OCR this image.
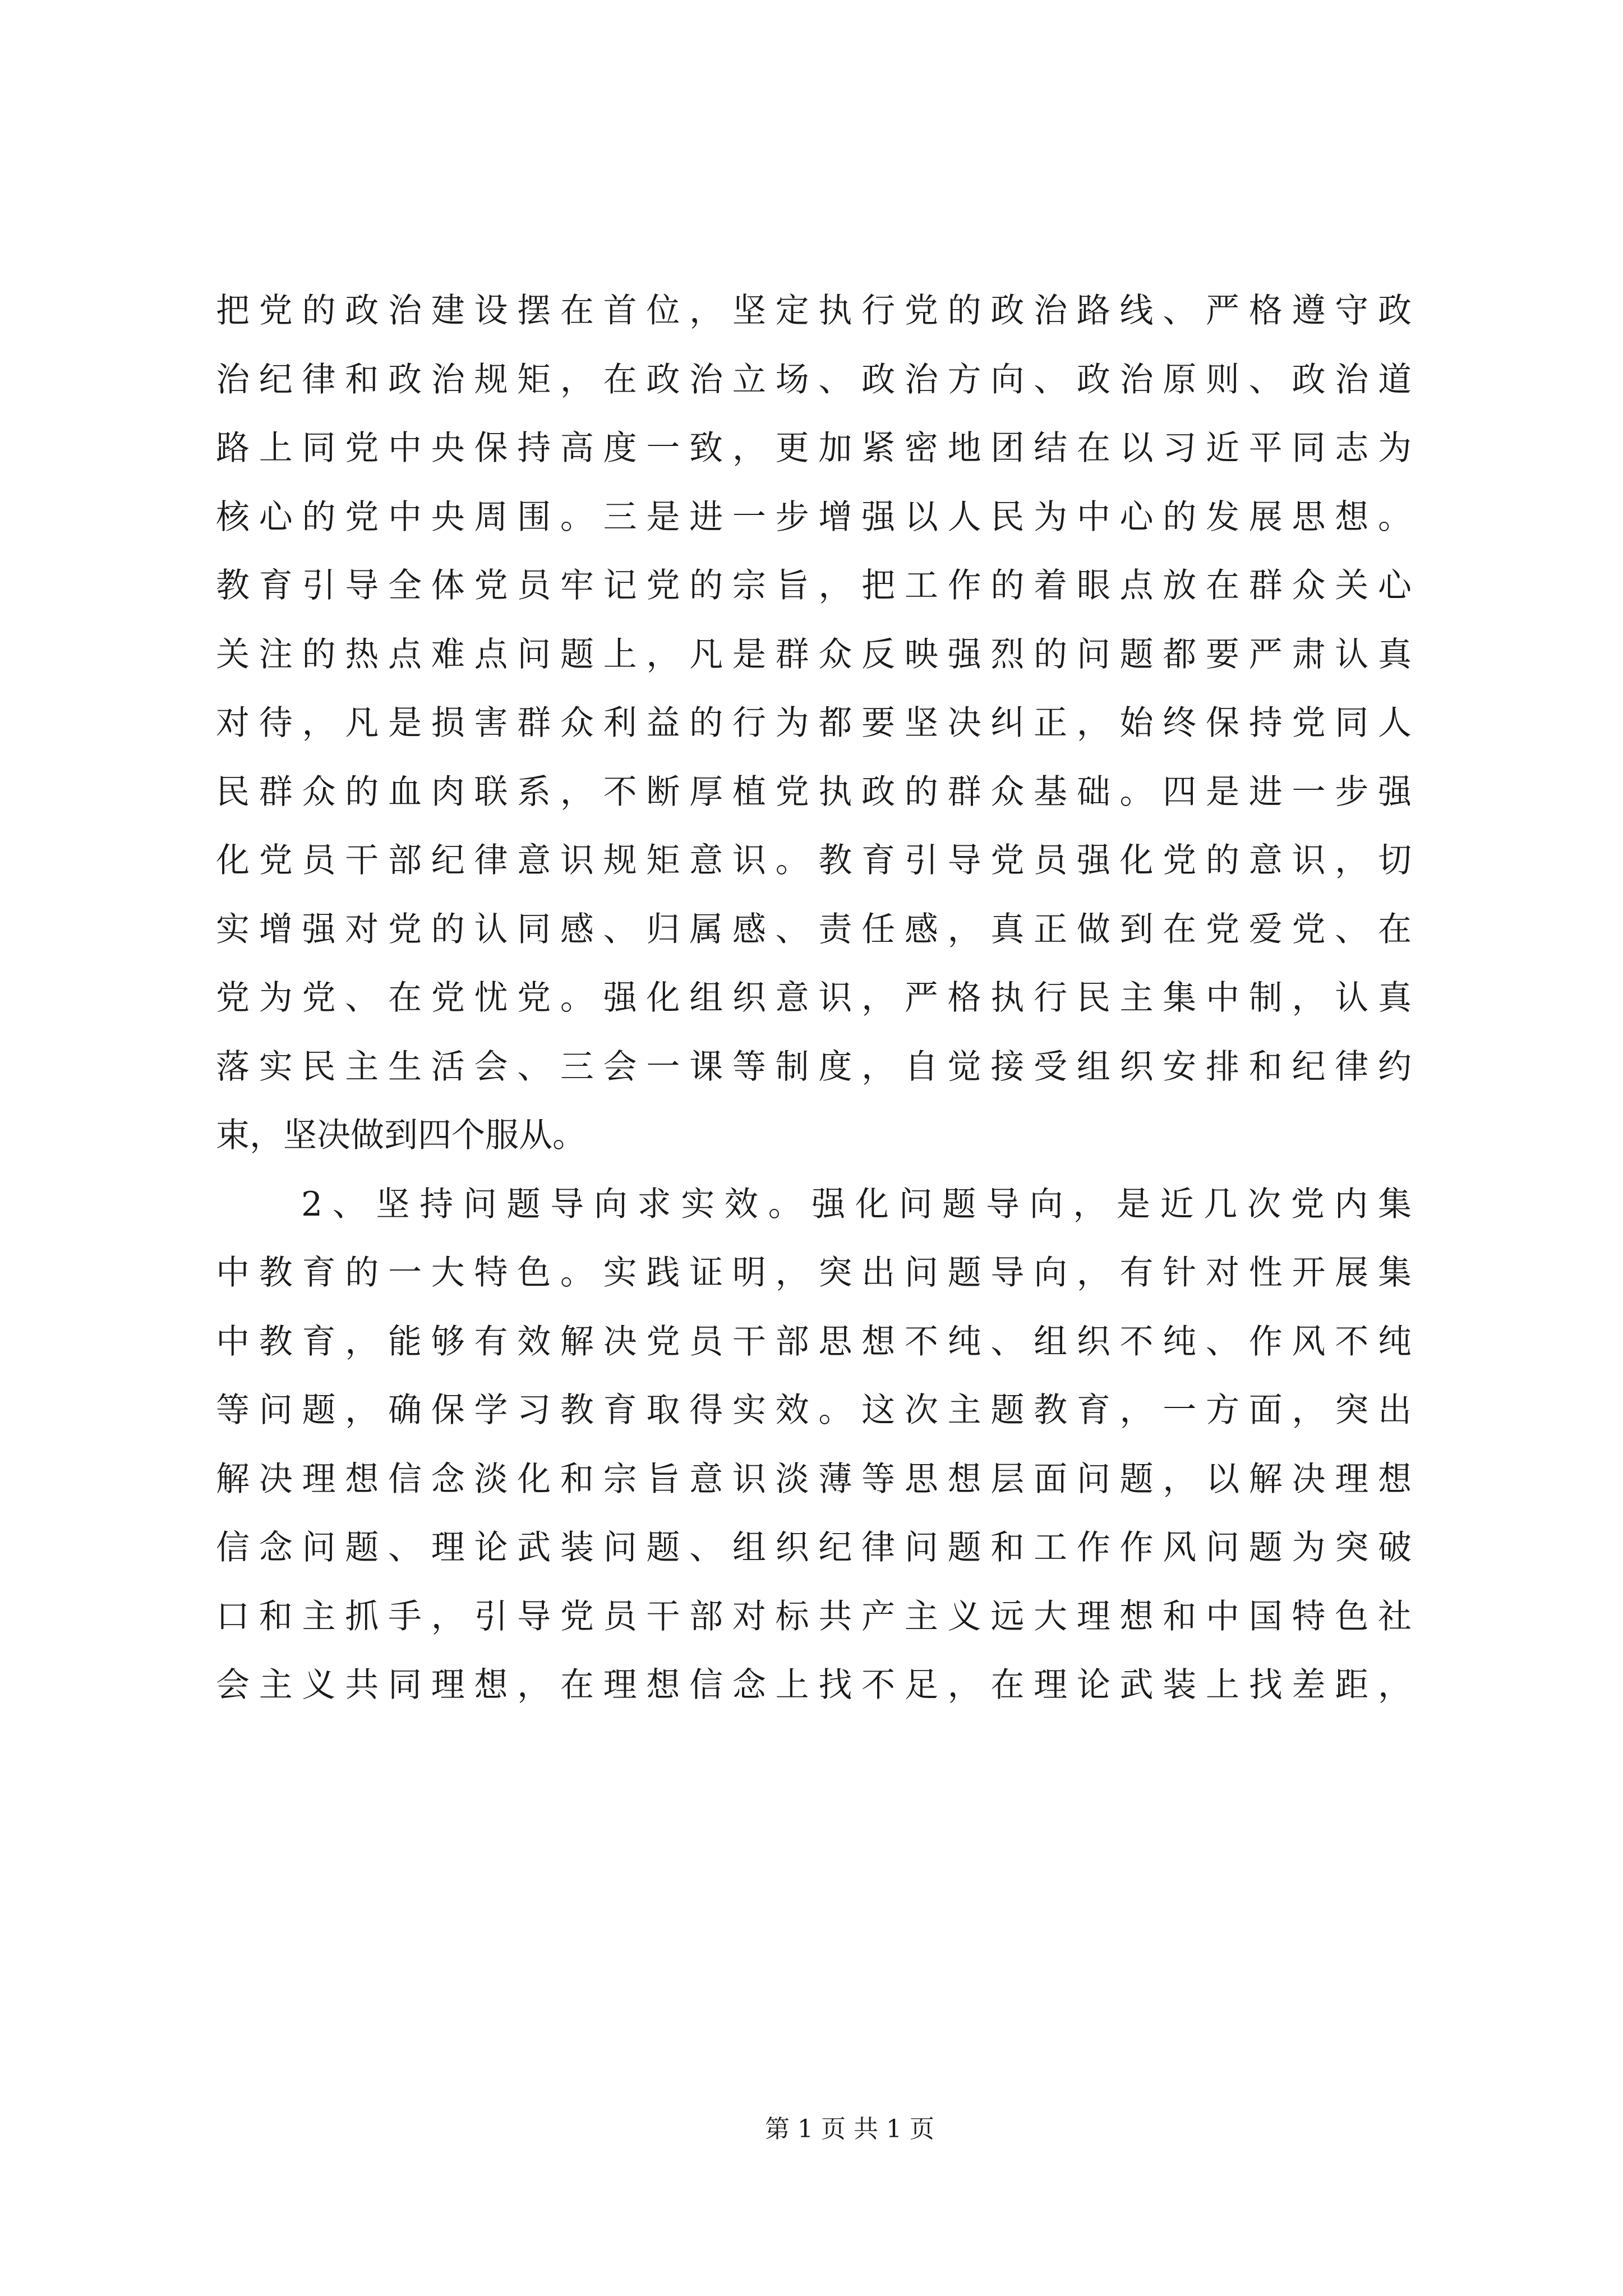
把党的政治建设摆在首位，坚定执行党的政治路线、严格遵守政
治纪律和政治规矩，在政治立场、政治方向、政治原则、政治道
路上同党中央保持高度一致，更加紧密地团结在以习近平同志为
核心的党中央周围。三是进一步增强以人民为中心的发展思想。
教育引导全体党员牢记党的宗旨，把工作的着眼点放在群众关心
关注的热点难点问题上，凡是群众反映强烈的问题都要严肃认真
对待，凡是损害群众利益的行为都要坚决纠正，始终保持党同人
民群众的血肉联系，不断厚植党执政的群众基础。四是进一步强
化党员干部纪律意识规矩意识。教育引导党员强化党的意识，切
实增强对党的认同感、归属感、责任感，真正做到在党爱党、在
党为党、在党忧党。强化组织意识，严格执行民主集中制，认真
落实民主生活会、三会一课等制度，自觉接受组织安排和纪律约
束，坚决做到四个服从。
2、坚持问题导向求实效。强化问题导向，是近几次党内集
中教育的一大特色。实践证明，突出问题导向，有针对性开展集
中教育，能够有效解决党员干部思想不纯、组织不纯、作风不纯
等问题，确保学习教育取得实效。这次主题教育，一方面，突出
解决理想信念淡化和宗旨意识淡薄等思想层面问题，以解决理想
信念问题、理论武装问题、组织纪律问题和工作作风问题为突破
口和主抓手，引导党员干部对标共产主义远大理想和中国特色社
会主义共同理想，在理想信念上找不足，在理论武装上找差距，
第 1 页 共 1 页
